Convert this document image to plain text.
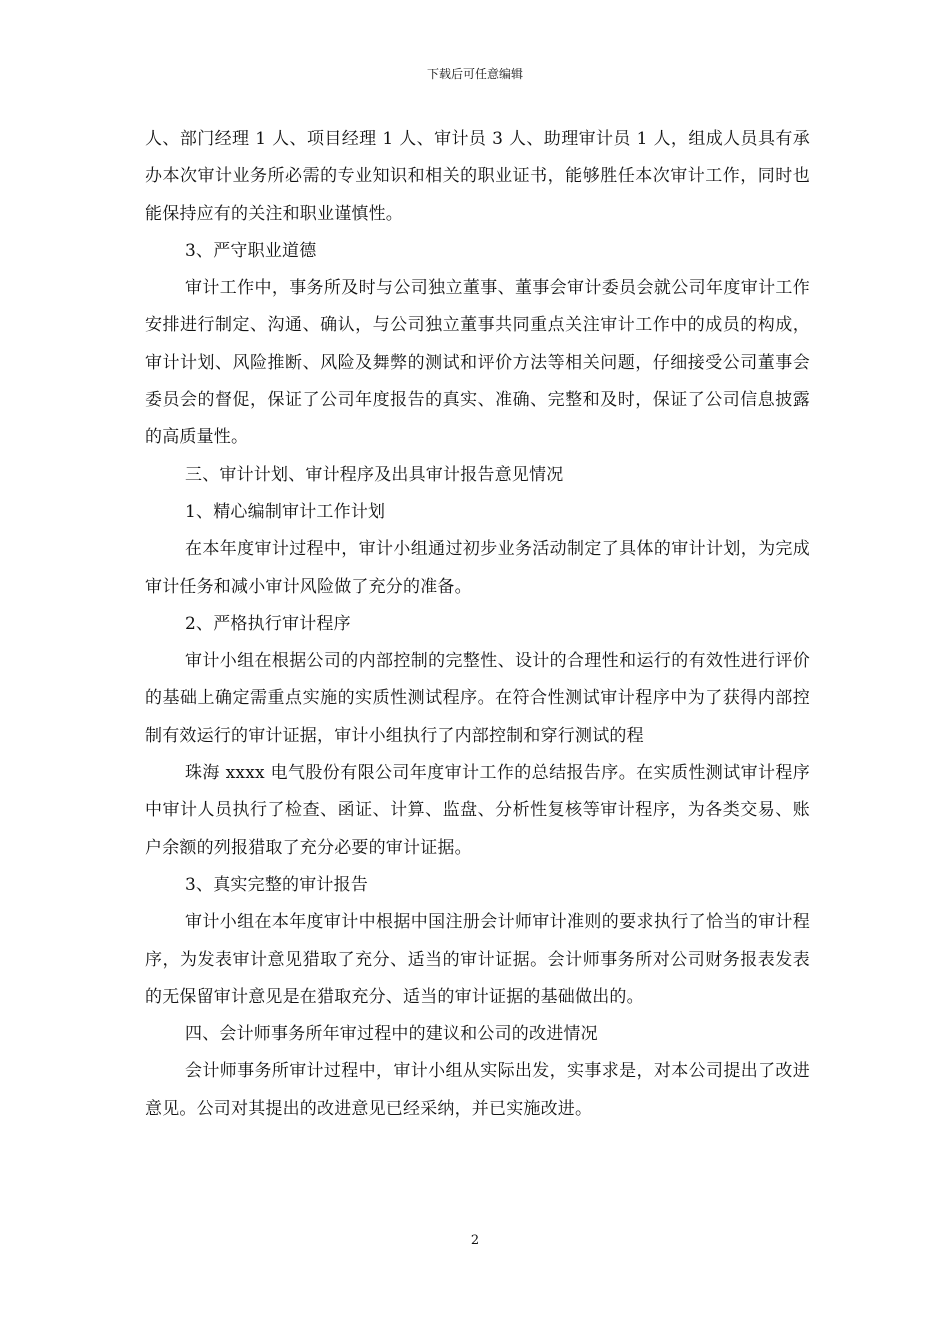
下载后可任意编辑

人、部门经理 1 人、项目经理 1 人、审计员 3 人、助理审计员 1 人，组成人员具有承办本次审计业务所必需的专业知识和相关的职业证书，能够胜任本次审计工作，同时也能保持应有的关注和职业谨慎性。

3、严守职业道德

审计工作中，事务所及时与公司独立董事、董事会审计委员会就公司年度审计工作安排进行制定、沟通、确认，与公司独立董事共同重点关注审计工作中的成员的构成，审计计划、风险推断、风险及舞弊的测试和评价方法等相关问题，仔细接受公司董事会委员会的督促，保证了公司年度报告的真实、准确、完整和及时，保证了公司信息披露的高质量性。

三、审计计划、审计程序及出具审计报告意见情况

1、精心编制审计工作计划

在本年度审计过程中，审计小组通过初步业务活动制定了具体的审计计划，为完成审计任务和减小审计风险做了充分的准备。

2、严格执行审计程序

审计小组在根据公司的内部控制的完整性、设计的合理性和运行的有效性进行评价的基础上确定需重点实施的实质性测试程序。在符合性测试审计程序中为了获得内部控制有效运行的审计证据，审计小组执行了内部控制和穿行测试的程

珠海 xxxx 电气股份有限公司年度审计工作的总结报告序。在实质性测试审计程序中审计人员执行了检查、函证、计算、监盘、分析性复核等审计程序，为各类交易、账户余额的列报猎取了充分必要的审计证据。

3、真实完整的审计报告

审计小组在本年度审计中根据中国注册会计师审计准则的要求执行了恰当的审计程序，为发表审计意见猎取了充分、适当的审计证据。会计师事务所对公司财务报表发表的无保留审计意见是在猎取充分、适当的审计证据的基础做出的。

四、会计师事务所年审过程中的建议和公司的改进情况

会计师事务所审计过程中，审计小组从实际出发，实事求是，对本公司提出了改进意见。公司对其提出的改进意见已经采纳，并已实施改进。

2
